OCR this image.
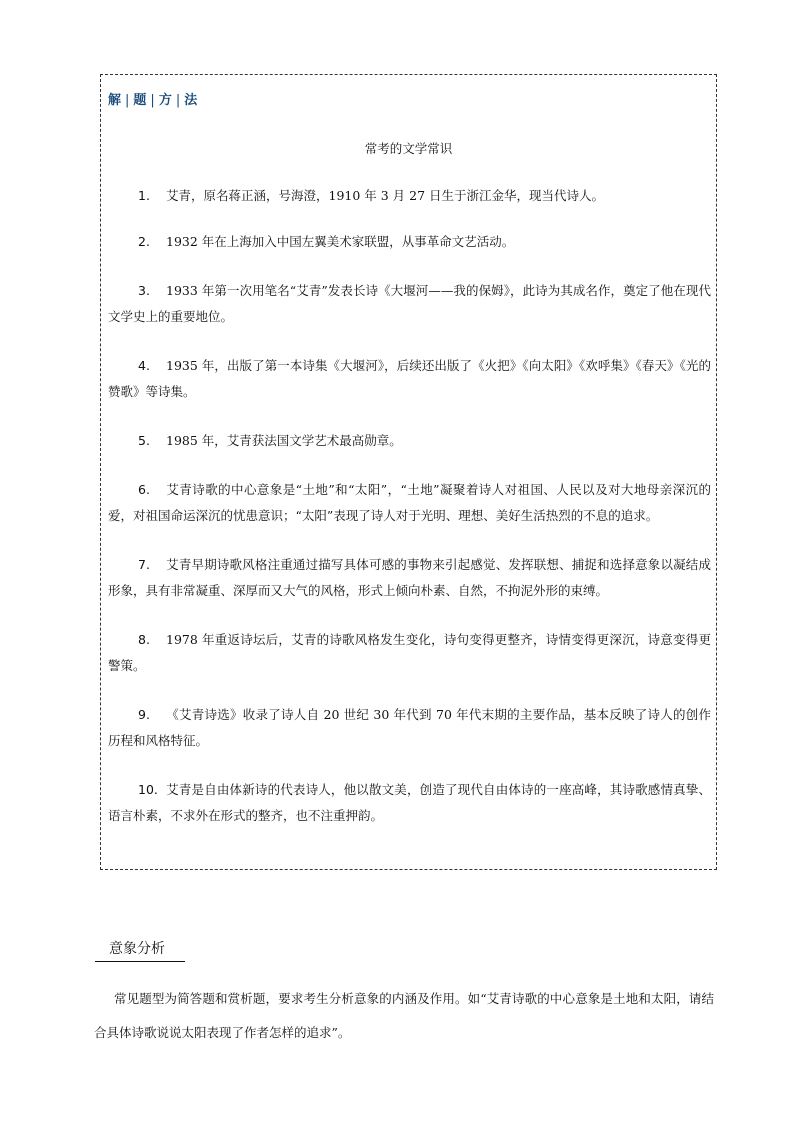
解 | 题 | 方 | 法
常考的文学常识
1. 艾青，原名蒋正涵，号海澄，1910 年 3 月 27 日生于浙江金华，现当代诗人。
2. 1932 年在上海加入中国左翼美术家联盟，从事革命文艺活动。
3. 1933 年第一次用笔名“艾青”发表长诗《大堰河——我的保姆》，此诗为其成名作，奠定了他在现代文学史上的重要地位。
4. 1935 年，出版了第一本诗集《大堰河》，后续还出版了《火把》《向太阳》《欢呼集》《春天》《光的赞歌》等诗集。
5. 1985 年，艾青获法国文学艺术最高勋章。
6. 艾青诗歌的中心意象是“土地”和“太阳”，“土地”凝聚着诗人对祖国、人民以及对大地母亲深沉的爱，对祖国命运深沉的忧患意识；“太阳”表现了诗人对于光明、理想、美好生活热烈的不息的追求。
7. 艾青早期诗歌风格注重通过描写具体可感的事物来引起感觉、发挥联想、捕捉和选择意象以凝结成形象，具有非常凝重、深厚而又大气的风格，形式上倾向朴素、自然，不拘泥外形的束缚。
8. 1978 年重返诗坛后，艾青的诗歌风格发生变化，诗句变得更整齐，诗情变得更深沉，诗意变得更警策。
9. 《艾青诗选》收录了诗人自 20 世纪 30 年代到 70 年代末期的主要作品，基本反映了诗人的创作历程和风格特征。
10. 艾青是自由体新诗的代表诗人，他以散文美，创造了现代自由体诗的一座高峰，其诗歌感情真挚、语言朴素，不求外在形式的整齐，也不注重押韵。
意象分析

常见题型为简答题和赏析题，要求考生分析意象的内涵及作用。如“艾青诗歌的中心意象是土地和太阳，请结合具体诗歌说说太阳表现了作者怎样的追求”。
